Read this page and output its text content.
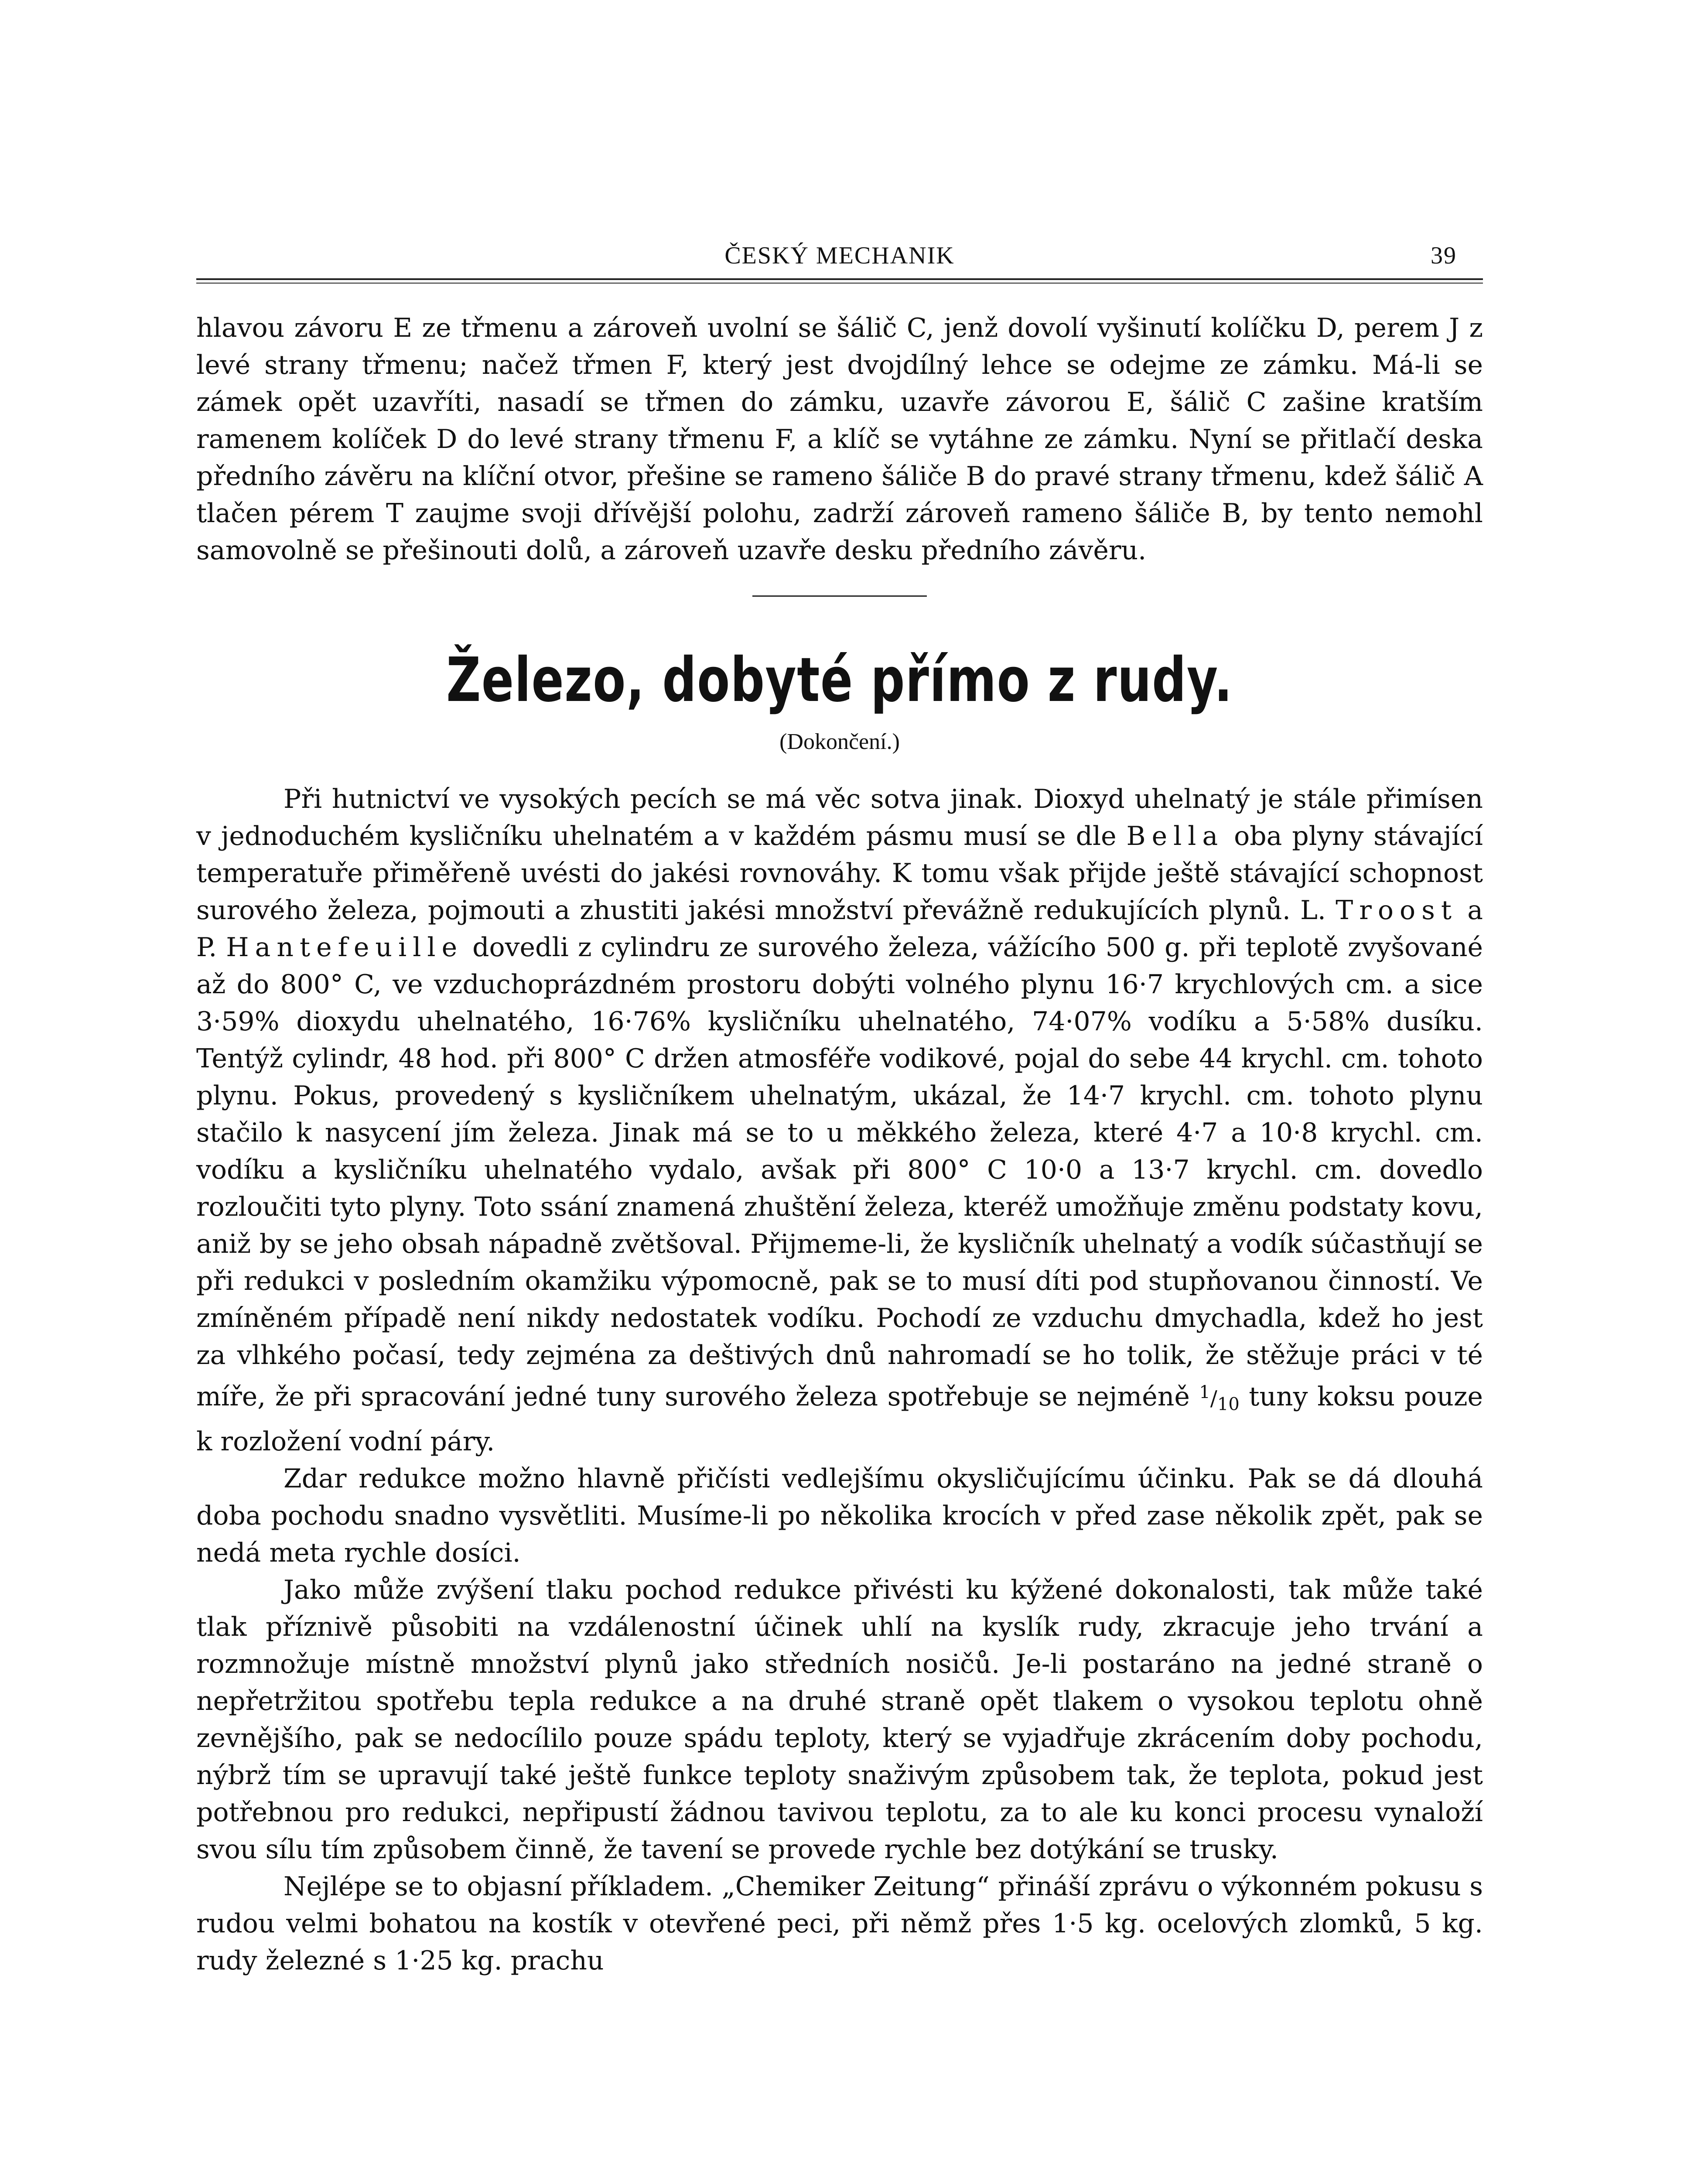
ČESKÝ MECHANIK	39

hlavou závoru E ze třmenu a zároveň uvolní se šálič C, jenž dovolí vyšinutí kolíčku D, perem J z levé strany třmenu; načež třmen F, který jest dvojdílný lehce se odejme ze zámku. Má-li se zámek opět uzavříti, nasadí se třmen do zámku, uzavře závorou E, šálič C zašine kratším ramenem kolíček D do levé strany třmenu F, a klíč se vytáhne ze zámku. Nyní se přitlačí deska předního závěru na klíční otvor, přešine se rameno šáliče B do pravé strany třmenu, kdež šálič A tlačen pérem T zaujme svoji dřívější polohu, zadrží zároveň rameno šáliče B, by tento nemohl samovolně se přešinouti dolů, a zároveň uzavře desku předního závěru.

Železo, dobyté přímo z rudy.
(Dokončení.)

Při hutnictví ve vysokých pecích se má věc sotva jinak. Dioxyd uhelnatý je stále přimísen v jednoduchém kysličníku uhelnatém a v každém pásmu musí se dle Bella oba plyny stávající temperatuře přiměřeně uvésti do jakési rovnováhy. K tomu však přijde ještě stávající schopnost surového železa, pojmouti a zhustiti jakési množství převážně redukujících plynů. L. Troost a P. Hantefeuille dovedli z cylindru ze surového železa, vážícího 500 g. při teplotě zvyšované až do 800° C, ve vzduchoprázdném prostoru dobýti volného plynu 16·7 krychlových cm. a sice 3·59% dioxydu uhelnatého, 16·76% kysličníku uhelnatého, 74·07% vodíku a 5·58% dusíku. Tentýž cylindr, 48 hod. při 800° C držen atmosféře vodikové, pojal do sebe 44 krychl. cm. tohoto plynu. Pokus, provedený s kysličníkem uhelnatým, ukázal, že 14·7 krychl. cm. tohoto plynu stačilo k nasycení jím železa. Jinak má se to u měkkého železa, které 4·7 a 10·8 krychl. cm. vodíku a kysličníku uhelnatého vydalo, avšak při 800° C 10·0 a 13·7 krychl. cm. dovedlo rozloučiti tyto plyny. Toto ssání znamená zhuštění železa, kteréž umožňuje změnu podstaty kovu, aniž by se jeho obsah nápadně zvětšoval. Přijmeme-li, že kysličník uhelnatý a vodík súčastňují se při redukci v posledním okamžiku výpomocně, pak se to musí díti pod stupňovanou činností. Ve zmíněném případě není nikdy nedostatek vodíku. Pochodí ze vzduchu dmychadla, kdež ho jest za vlhkého počasí, tedy zejména za deštivých dnů nahromadí se ho tolik, že stěžuje práci v té míře, že při spracování jedné tuny surového železa spotřebuje se nejméně $^1/_{10}$ tuny koksu pouze k rozložení vodní páry.

Zdar redukce možno hlavně přičísti vedlejšímu okysličujícímu účinku. Pak se dá dlouhá doba pochodu snadno vysvětliti. Musíme-li po několika krocích v před zase několik zpět, pak se nedá meta rychle dosíci.

Jako může zvýšení tlaku pochod redukce přivésti ku kýžené dokonalosti, tak může také tlak příznivě působiti na vzdálenostní účinek uhlí na kyslík rudy, zkracuje jeho trvání a rozmnožuje místně množství plynů jako středních nosičů. Je-li postaráno na jedné straně o nepřetržitou spotřebu tepla redukce a na druhé straně opět tlakem o vysokou teplotu ohně zevnějšího, pak se nedocílilo pouze spádu teploty, který se vyjadřuje zkrácením doby pochodu, nýbrž tím se upravují také ještě funkce teploty snaživým způsobem tak, že teplota, pokud jest potřebnou pro redukci, nepřipustí žádnou tavivou teplotu, za to ale ku konci procesu vynaloží svou sílu tím způsobem činně, že tavení se provede rychle bez dotýkání se trusky.

Nejlépe se to objasní příkladem. „Chemiker Zeitung“ přináší zprávu o výkonném pokusu s rudou velmi bohatou na kostík v otevřené peci, při němž přes 1·5 kg. ocelových zlomků, 5 kg. rudy železné s 1·25 kg. prachu
